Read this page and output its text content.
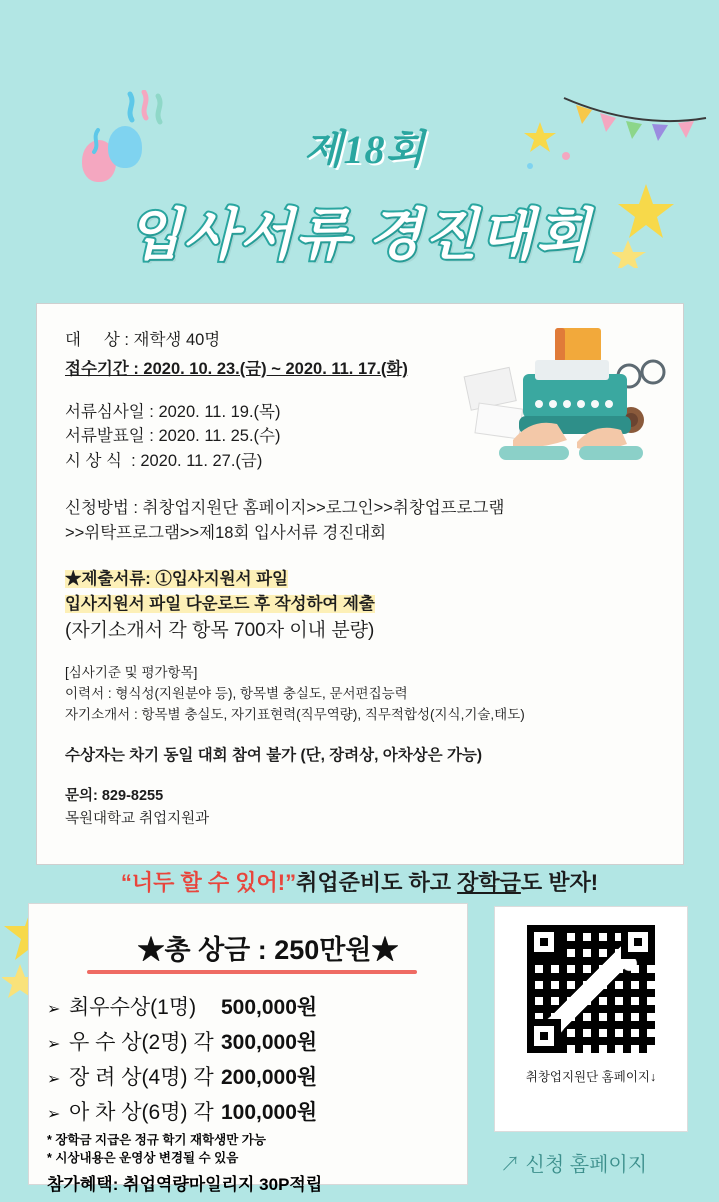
제18회
입사서류 경진대회
대     상 : 재학생 40명
접수기간 : 2020. 10. 23.(금) ~ 2020. 11. 17.(화)
서류심사일 : 2020. 11. 19.(목)
서류발표일 : 2020. 11. 25.(수)
시 상 식  : 2020. 11. 27.(금)
신청방법 : 취창업지원단 홈페이지>>로그인>>취창업프로그램
>>위탁프로그램>>제18회 입사서류 경진대회
★제출서류: ①입사지원서 파일
입사지원서 파일 다운로드 후 작성하여 제출
(자기소개서 각 항목 700자 이내 분량)
[심사기준 및 평가항목]
이력서 : 형식성(지원분야 등), 항목별 충실도, 문서편집능력
자기소개서 : 항목별 충실도, 자기표현력(직무역량), 직무적합성(지식,기술,태도)
수상자는 차기 동일 대회 참여 불가 (단, 장려상, 아차상은 가능)
문의: 829-8255
목원대학교 취업지원과
“너두 할 수 있어!”취업준비도 하고 장학금도 받자!
★총 상금 : 250만원★
➢ 최우수상(1명)	500,000원
➢ 우 수 상(2명) 각 300,000원
➢ 장 려 상(4명) 각 200,000원
➢ 아 차 상(6명) 각 100,000원
* 장학금 지급은 정규 학기 재학생만 가능
* 시상내용은 운영상 변경될 수 있음
참가혜택: 취업역량마일리지 30P적립
취창업지원단 홈페이지↓
↗ 신청 홈페이지
